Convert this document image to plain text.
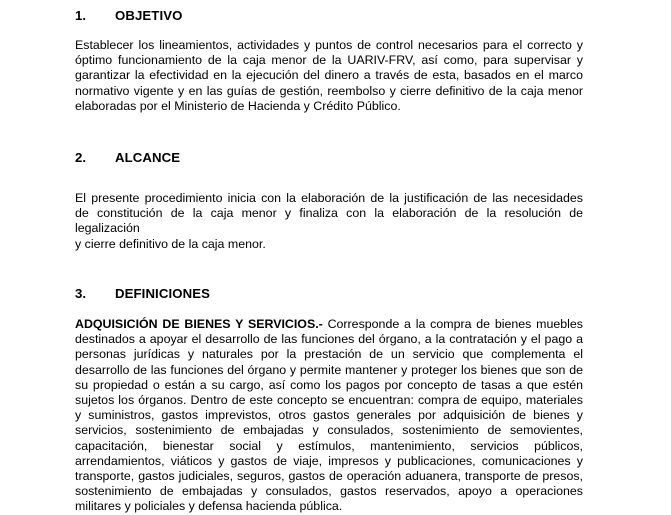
1. OBJETIVO
Establecer los lineamientos, actividades y puntos de control necesarios para el correcto y
óptimo funcionamiento de la caja menor de la UARIV-FRV, así como, para supervisar y
garantizar la efectividad en la ejecución del dinero a través de esta, basados en el marco
normativo vigente y en las guías de gestión, reembolso y cierre definitivo de la caja menor
elaboradas por el Ministerio de Hacienda y Crédito Público.
2. ALCANCE
El presente procedimiento inicia con la elaboración de la justificación de las necesidades
de constitución de la caja menor y finaliza con la elaboración de la resolución de legalización
y cierre definitivo de la caja menor.
3. DEFINICIONES
ADQUISICIÓN DE BIENES Y SERVICIOS.- Corresponde a la compra de bienes muebles
destinados a apoyar el desarrollo de las funciones del órgano, a la contratación y el pago a
personas jurídicas y naturales por la prestación de un servicio que complementa el
desarrollo de las funciones del órgano y permite mantener y proteger los bienes que son de
su propiedad o están a su cargo, así como los pagos por concepto de tasas a que estén
sujetos los órganos. Dentro de este concepto se encuentran: compra de equipo, materiales
y suministros, gastos imprevistos, otros gastos generales por adquisición de bienes y
servicios, sostenimiento de embajadas y consulados, sostenimiento de semovientes,
capacitación, bienestar social y estímulos, mantenimiento, servicios públicos,
arrendamientos, viáticos y gastos de viaje, impresos y publicaciones, comunicaciones y
transporte, gastos judiciales, seguros, gastos de operación aduanera, transporte de presos,
sostenimiento de embajadas y consulados, gastos reservados, apoyo a operaciones
militares y policiales y defensa hacienda pública.
